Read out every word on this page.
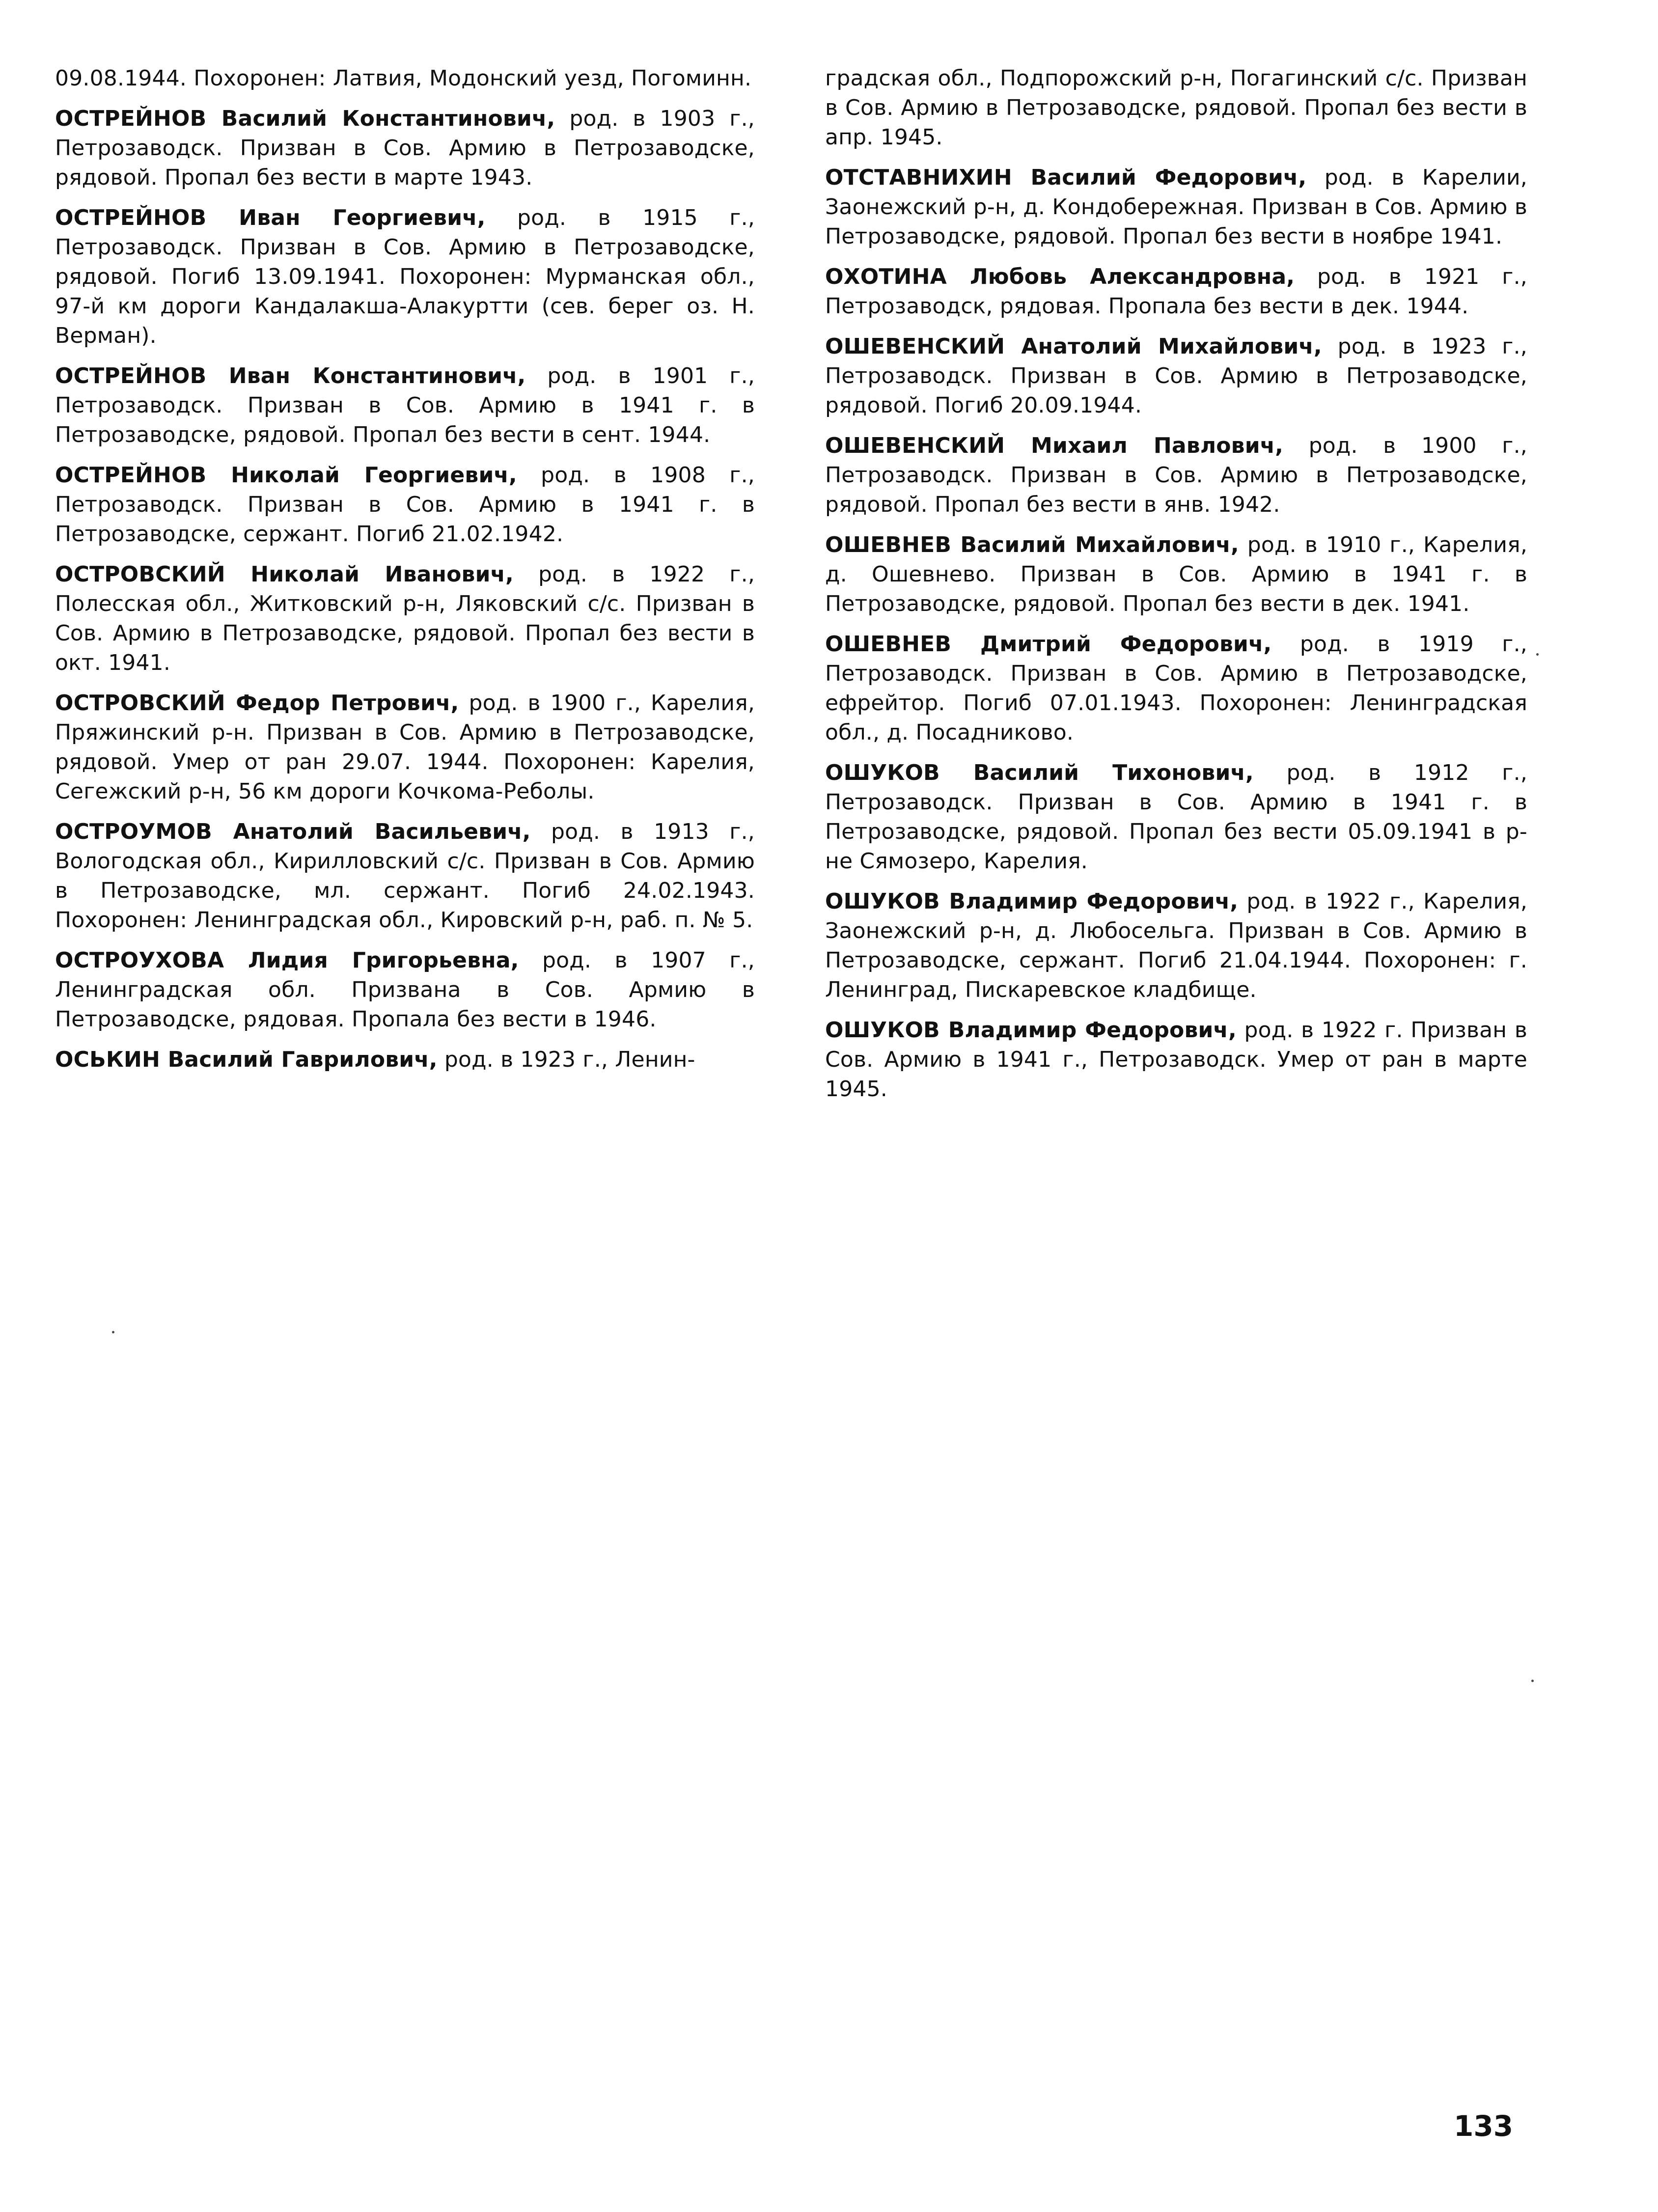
09.08.1944. Похоронен: Латвия, Модонский уезд, Погоминн.

ОСТРЕЙНОВ Василий Константинович, род. в 1903 г., Петрозаводск. Призван в Сов. Армию в Петрозаводске, рядовой. Пропал без вести в марте 1943.

ОСТРЕЙНОВ Иван Георгиевич, род. в 1915 г., Петрозаводск. Призван в Сов. Армию в Петрозаводске, рядовой. Погиб 13.09.1941. Похоронен: Мурманская обл., 97-й км дороги Кандалакша-Алакуртти (сев. берег оз. Н. Верман).

ОСТРЕЙНОВ Иван Константинович, род. в 1901 г., Петрозаводск. Призван в Сов. Армию в 1941 г. в Петрозаводске, рядовой. Пропал без вести в сент. 1944.

ОСТРЕЙНОВ Николай Георгиевич, род. в 1908 г., Петрозаводск. Призван в Сов. Армию в 1941 г. в Петрозаводске, сержант. Погиб 21.02.1942.

ОСТРОВСКИЙ Николай Иванович, род. в 1922 г., Полесская обл., Житковский р-н, Ляковский с/с. Призван в Сов. Армию в Петрозаводске, рядовой. Пропал без вести в окт. 1941.

ОСТРОВСКИЙ Федор Петрович, род. в 1900 г., Карелия, Пряжинский р-н. Призван в Сов. Армию в Петрозаводске, рядовой. Умер от ран 29.07. 1944. Похоронен: Карелия, Сегежский р-н, 56 км дороги Кочкома-Реболы.

ОСТРОУМОВ Анатолий Васильевич, род. в 1913 г., Вологодская обл., Кирилловский с/с. Призван в Сов. Армию в Петрозаводске, мл. сержант. Погиб 24.02.1943. Похоронен: Ленинградская обл., Кировский р-н, раб. п. № 5.

ОСТРОУХОВА Лидия Григорьевна, род. в 1907 г., Ленинградская обл. Призвана в Сов. Армию в Петрозаводске, рядовая. Пропала без вести в 1946.

ОСЬКИН Василий Гаврилович, род. в 1923 г., Ленин-

градская обл., Подпорожский р-н, Погагинский с/с. Призван в Сов. Армию в Петрозаводске, рядовой. Пропал без вести в апр. 1945.

ОТСТАВНИХИН Василий Федорович, род. в Карелии, Заонежский р-н, д. Кондобережная. Призван в Сов. Армию в Петрозаводске, рядовой. Пропал без вести в ноябре 1941.

ОХОТИНА Любовь Александровна, род. в 1921 г., Петрозаводск, рядовая. Пропала без вести в дек. 1944.

ОШЕВЕНСКИЙ Анатолий Михайлович, род. в 1923 г., Петрозаводск. Призван в Сов. Армию в Петрозаводске, рядовой. Погиб 20.09.1944.

ОШЕВЕНСКИЙ Михаил Павлович, род. в 1900 г., Петрозаводск. Призван в Сов. Армию в Петрозаводске, рядовой. Пропал без вести в янв. 1942.

ОШЕВНЕВ Василий Михайлович, род. в 1910 г., Карелия, д. Ошевнево. Призван в Сов. Армию в 1941 г. в Петрозаводске, рядовой. Пропал без вести в дек. 1941.

ОШЕВНЕВ Дмитрий Федорович, род. в 1919 г., Петрозаводск. Призван в Сов. Армию в Петрозаводске, ефрейтор. Погиб 07.01.1943. Похоронен: Ленинградская обл., д. Посадниково.

ОШУКОВ Василий Тихонович, род. в 1912 г., Петрозаводск. Призван в Сов. Армию в 1941 г. в Петрозаводске, рядовой. Пропал без вести 05.09.1941 в р-не Сямозеро, Карелия.

ОШУКОВ Владимир Федорович, род. в 1922 г., Карелия, Заонежский р-н, д. Любосельга. Призван в Сов. Армию в Петрозаводске, сержант. Погиб 21.04.1944. Похоронен: г. Ленинград, Пискаревское кладбище.

ОШУКОВ Владимир Федорович, род. в 1922 г. Призван в Сов. Армию в 1941 г., Петрозаводск. Умер от ран в марте 1945.

133
